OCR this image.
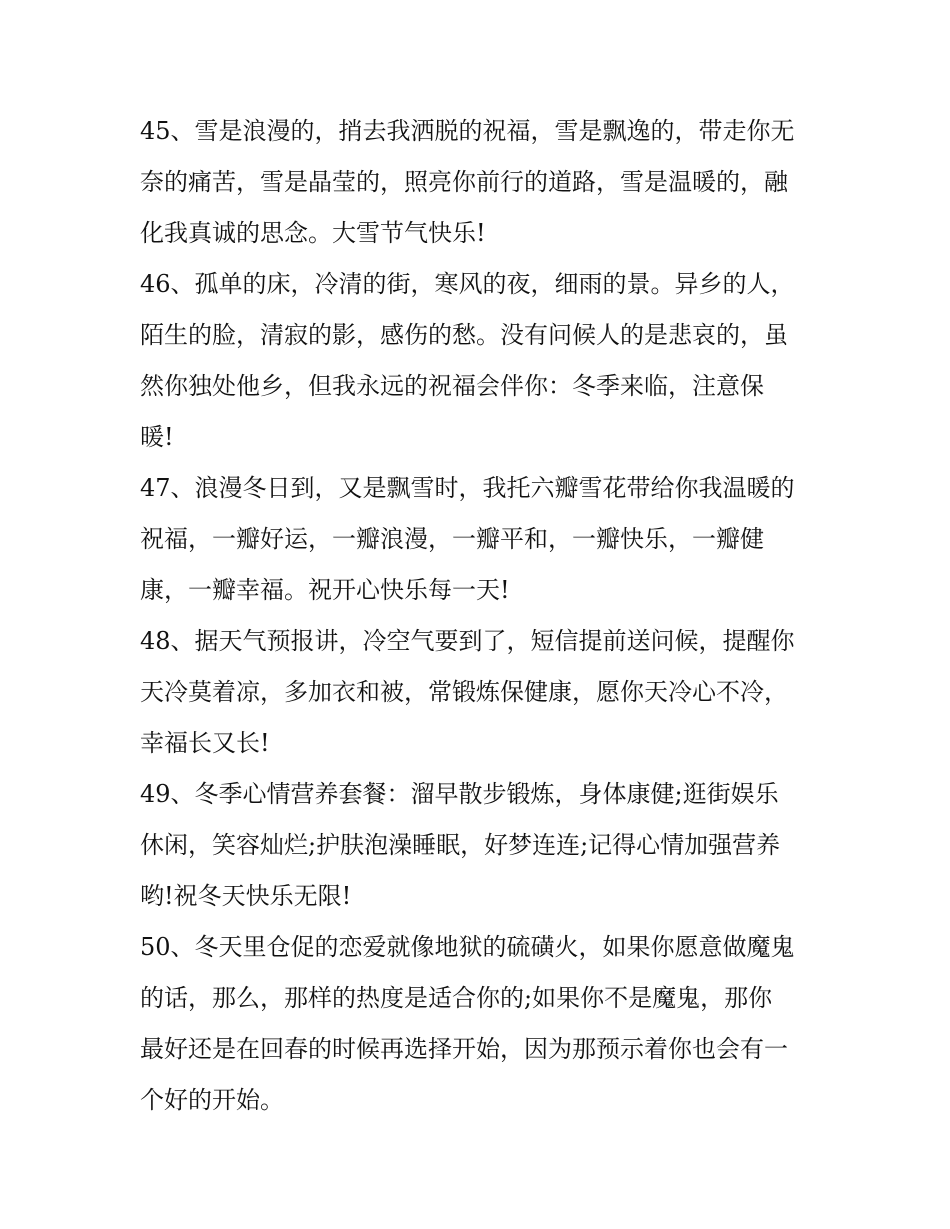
45、雪是浪漫的，捎去我洒脱的祝福，雪是飘逸的，带走你无
奈的痛苦，雪是晶莹的，照亮你前行的道路，雪是温暖的，融
化我真诚的思念。大雪节气快乐!
46、孤单的床，冷清的街，寒风的夜，细雨的景。异乡的人，
陌生的脸，清寂的影，感伤的愁。没有问候人的是悲哀的，虽
然你独处他乡，但我永远的祝福会伴你：冬季来临，注意保
暖!
47、浪漫冬日到，又是飘雪时，我托六瓣雪花带给你我温暖的
祝福，一瓣好运，一瓣浪漫，一瓣平和，一瓣快乐，一瓣健
康，一瓣幸福。祝开心快乐每一天!
48、据天气预报讲，冷空气要到了，短信提前送问候，提醒你
天冷莫着凉，多加衣和被，常锻炼保健康，愿你天冷心不冷，
幸福长又长!
49、冬季心情营养套餐：溜早散步锻炼，身体康健;逛街娱乐
休闲，笑容灿烂;护肤泡澡睡眠，好梦连连;记得心情加强营养
哟!祝冬天快乐无限!
50、冬天里仓促的恋爱就像地狱的硫磺火，如果你愿意做魔鬼
的话，那么，那样的热度是适合你的;如果你不是魔鬼，那你
最好还是在回春的时候再选择开始，因为那预示着你也会有一
个好的开始。
